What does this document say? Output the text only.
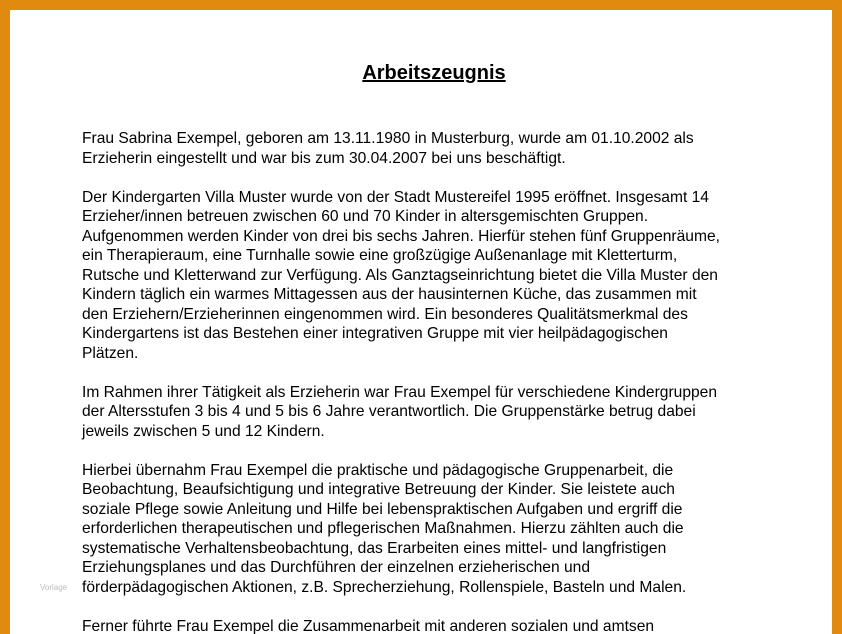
Arbeitszeugnis

Frau Sabrina Exempel, geboren am 13.11.1980 in Musterburg, wurde am 01.10.2002 als
Erzieherin eingestellt und war bis zum 30.04.2007 bei uns beschäftigt.

Der Kindergarten Villa Muster wurde von der Stadt Mustereifel 1995 eröffnet. Insgesamt 14
Erzieher/innen betreuen zwischen 60 und 70 Kinder in altersgemischten Gruppen.
Aufgenommen werden Kinder von drei bis sechs Jahren. Hierfür stehen fünf Gruppenräume,
ein Therapieraum, eine Turnhalle sowie eine großzügige Außenanlage mit Kletterturm,
Rutsche und Kletterwand zur Verfügung. Als Ganztagseinrichtung bietet die Villa Muster den
Kindern täglich ein warmes Mittagessen aus der hausinternen Küche, das zusammen mit
den Erziehern/Erzieherinnen eingenommen wird. Ein besonderes Qualitätsmerkmal des
Kindergartens ist das Bestehen einer integrativen Gruppe mit vier heilpädagogischen
Plätzen.

Im Rahmen ihrer Tätigkeit als Erzieherin war Frau Exempel für verschiedene Kindergruppen
der Altersstufen 3 bis 4 und 5 bis 6 Jahre verantwortlich. Die Gruppenstärke betrug dabei
jeweils zwischen 5 und 12 Kindern.

Hierbei übernahm Frau Exempel die praktische und pädagogische Gruppenarbeit, die
Beobachtung, Beaufsichtigung und integrative Betreuung der Kinder. Sie leistete auch
soziale Pflege sowie Anleitung und Hilfe bei lebenspraktischen Aufgaben und ergriff die
erforderlichen therapeutischen und pflegerischen Maßnahmen. Hierzu zählten auch die
systematische Verhaltensbeobachtung, das Erarbeiten eines mittel- und langfristigen
Erziehungsplanes und das Durchführen der einzelnen erzieherischen und
förderpädagogischen Aktionen, z.B. Sprecherziehung, Rollenspiele, Basteln und Malen.

Ferner führte Frau Exempel die Zusammenarbeit mit anderen sozialen und amtsen

Vorlage
